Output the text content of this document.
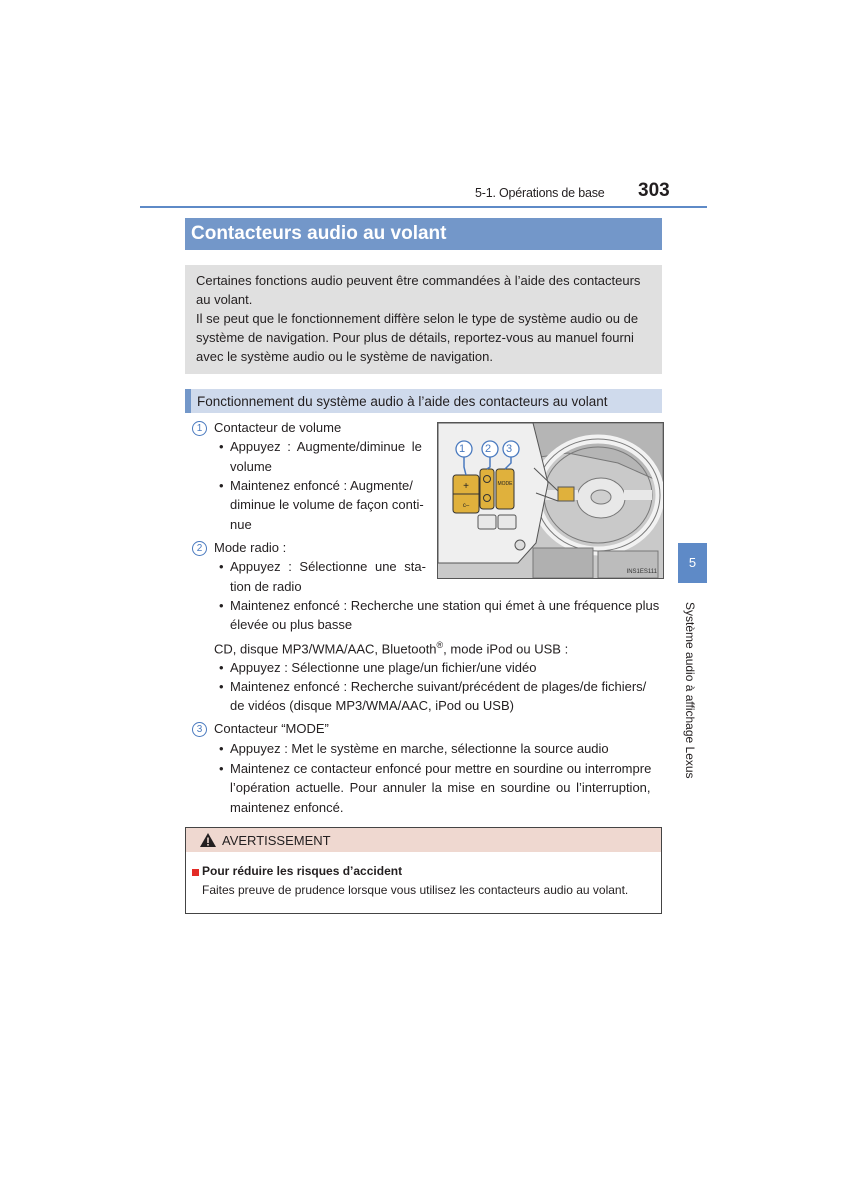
5-1. Opérations de base 303
Contacteurs audio au volant
Certaines fonctions audio peuvent être commandées à l’aide des contacteurs
au volant.
Il se peut que le fonctionnement diffère selon le type de système audio ou de
système de navigation. Pour plus de détails, reportez-vous au manuel fourni
avec le système audio ou le système de navigation.
Fonctionnement du système audio à l’aide des contacteurs au volant
1 Contacteur de volume
• Appuyez : Augmente/diminue le
volume
• Maintenez enfoncé : Augmente/
diminue le volume de façon conti-
nue
2 Mode radio :
• Appuyez : Sélectionne une sta-
tion de radio
• Maintenez enfoncé : Recherche une station qui émet à une fréquence plus
élevée ou plus basse
CD, disque MP3/WMA/AAC, Bluetooth®, mode iPod ou USB :
• Appuyez : Sélectionne une plage/un fichier/une vidéo
• Maintenez enfoncé : Recherche suivant/précédent de plages/de fichiers/
de vidéos (disque MP3/WMA/AAC, iPod ou USB)
3 Contacteur “MODE”
• Appuyez : Met le système en marche, sélectionne la source audio
• Maintenez ce contacteur enfoncé pour mettre en sourdine ou interrompre
l’opération actuelle. Pour annuler la mise en sourdine ou l’interruption,
maintenez enfoncé.
+
c‒
MODE
1 2 3
INS1ES111
5
Système audio à affichage Lexus
AVERTISSEMENT
Pour réduire les risques d’accident
Faites preuve de prudence lorsque vous utilisez les contacteurs audio au volant.
